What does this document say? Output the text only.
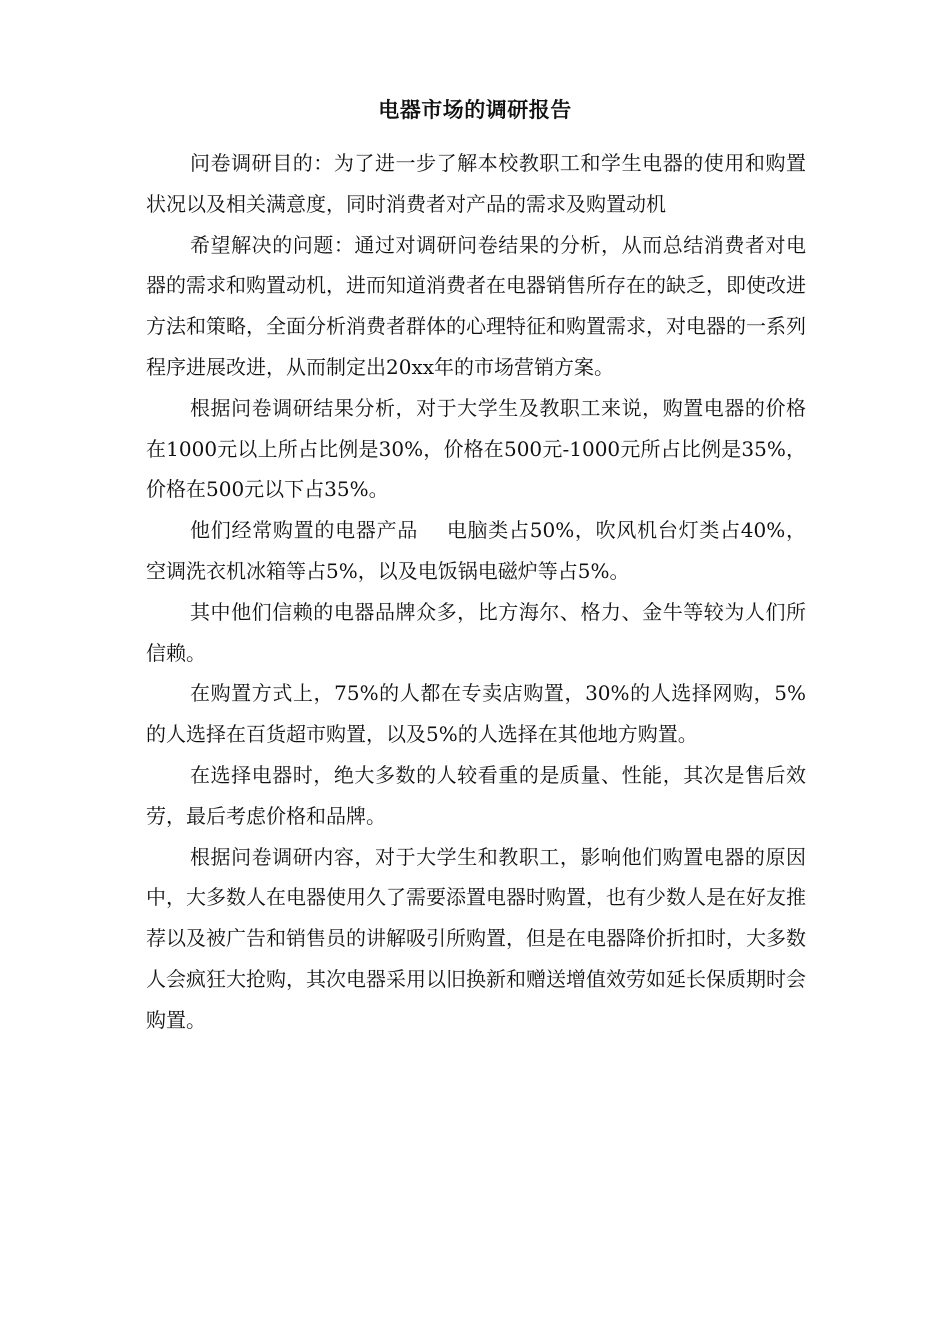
电器市场的调研报告

问卷调研目的：为了进一步了解本校教职工和学生电器的使用和购置状况以及相关满意度，同时消费者对产品的需求及购置动机

希望解决的问题：通过对调研问卷结果的分析，从而总结消费者对电器的需求和购置动机，进而知道消费者在电器销售所存在的缺乏，即使改进方法和策略，全面分析消费者群体的心理特征和购置需求，对电器的一系列程序进展改进，从而制定出20xx年的市场营销方案。

根据问卷调研结果分析，对于大学生及教职工来说，购置电器的价格在1000元以上所占比例是30%，价格在500元-1000元所占比例是35%，价格在500元以下占35%。

他们经常购置的电器产品 电脑类占50%，吹风机台灯类占40%，空调洗衣机冰箱等占5%，以及电饭锅电磁炉等占5%。

其中他们信赖的电器品牌众多，比方海尔、格力、金牛等较为人们所信赖。

在购置方式上，75%的人都在专卖店购置，30%的人选择网购，5%的人选择在百货超市购置，以及5%的人选择在其他地方购置。

在选择电器时，绝大多数的人较看重的是质量、性能，其次是售后效劳，最后考虑价格和品牌。

根据问卷调研内容，对于大学生和教职工，影响他们购置电器的原因中，大多数人在电器使用久了需要添置电器时购置，也有少数人是在好友推荐以及被广告和销售员的讲解吸引所购置，但是在电器降价折扣时，大多数人会疯狂大抢购，其次电器采用以旧换新和赠送增值效劳如延长保质期时会购置。
